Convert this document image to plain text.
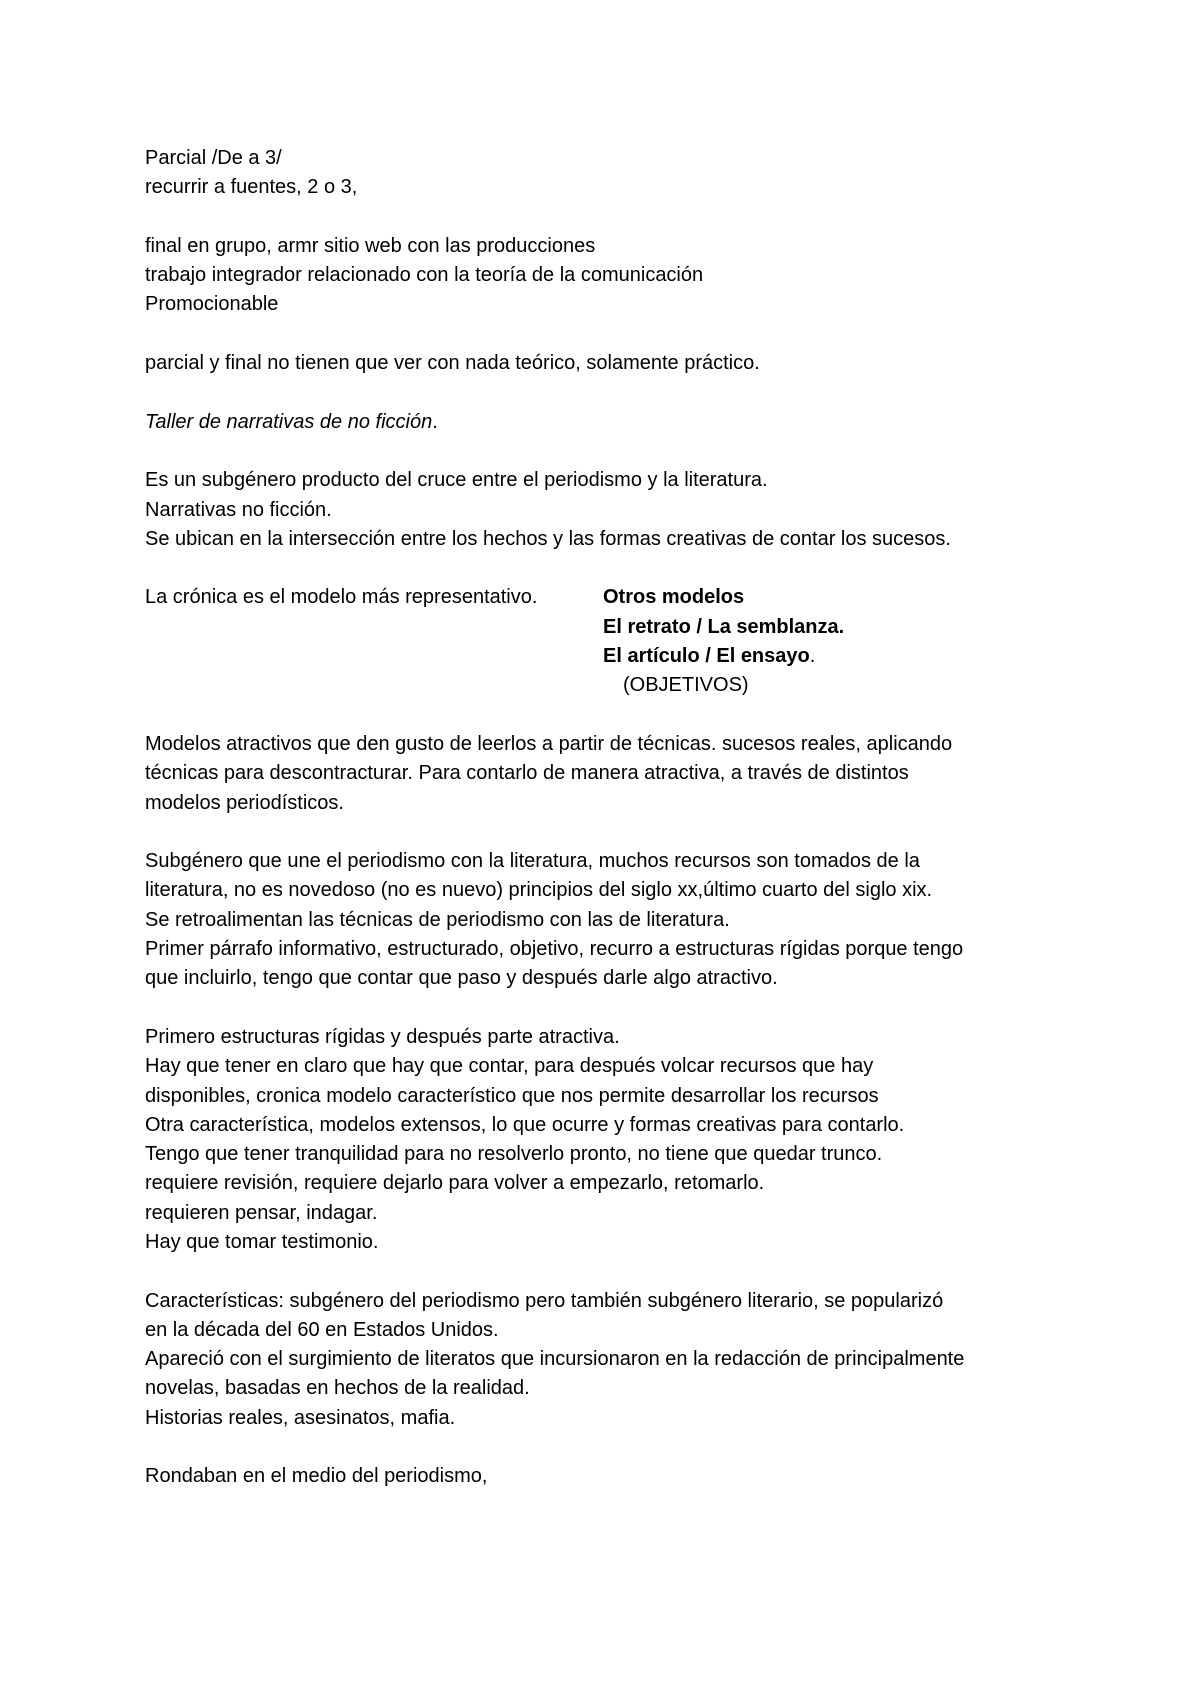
Parcial /De a 3/
recurrir a fuentes, 2 o 3,
final en grupo, armr sitio web con las producciones
trabajo integrador relacionado con la teoría de la comunicación
Promocionable
parcial y final no tienen que ver con nada teórico, solamente práctico.
Taller de narrativas de no ficción.
Es un subgénero producto del cruce entre el periodismo y la literatura.
Narrativas no ficción.
Se ubican en la intersección entre los hechos y las formas creativas de contar los sucesos.
La crónica es el modelo más representativo.	Otros modelos
El retrato / La semblanza.
El artículo / El ensayo.
(OBJETIVOS)
Modelos atractivos que den gusto de leerlos a partir de técnicas. sucesos reales, aplicando
técnicas para descontracturar. Para contarlo de manera atractiva, a través de distintos
modelos periodísticos.
Subgénero que une el periodismo con la literatura, muchos recursos son tomados de la
literatura, no es novedoso (no es nuevo) principios del siglo xx,último cuarto del siglo xix.
Se retroalimentan las técnicas de periodismo con las de literatura.
Primer párrafo informativo, estructurado, objetivo, recurro a estructuras rígidas porque tengo
que incluirlo, tengo que contar que paso y después darle algo atractivo.
Primero estructuras rígidas y después parte atractiva.
Hay que tener en claro que hay que contar, para después volcar recursos que hay
disponibles, cronica modelo característico que nos permite desarrollar los recursos
Otra característica, modelos extensos, lo que ocurre y formas creativas para contarlo.
Tengo que tener tranquilidad para no resolverlo pronto, no tiene que quedar trunco.
requiere revisión, requiere dejarlo para volver a empezarlo, retomarlo.
requieren pensar, indagar.
Hay que tomar testimonio.
Características: subgénero del periodismo pero también subgénero literario, se popularizó
en la década del 60 en Estados Unidos.
Apareció con el surgimiento de literatos que incursionaron en la redacción de principalmente
novelas, basadas en hechos de la realidad.
Historias reales, asesinatos, mafia.
Rondaban en el medio del periodismo,
